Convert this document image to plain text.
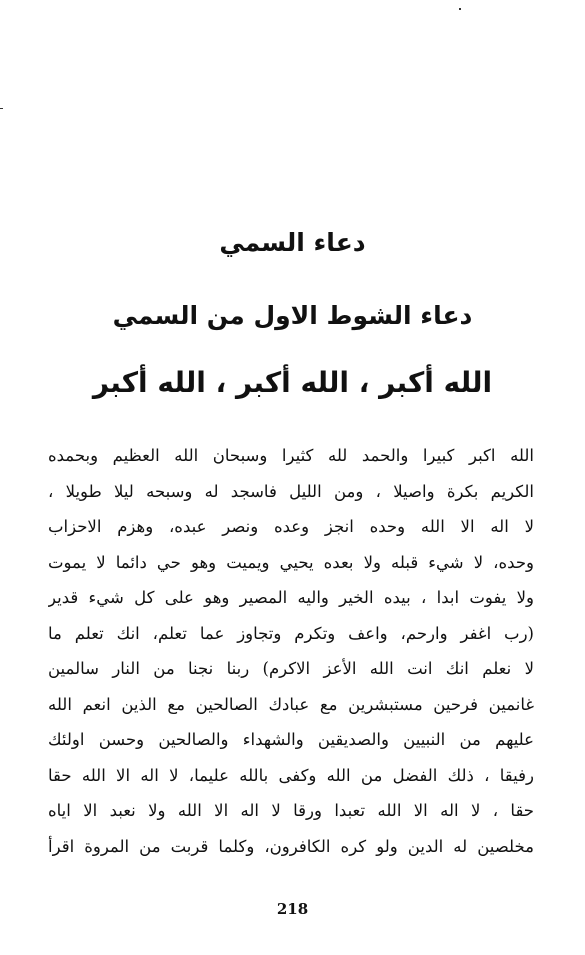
دعاء السمي
دعاء الشوط الاول من السمي
الله أكبر ، الله أكبر ، الله أكبر
الله اكبر كبيرا والحمد لله كثيرا وسبحان الله العظيم وبحمده
الكريم بكرة واصيلا ، ومن الليل فاسجد له وسبحه ليلا طويلا ،
لا اله الا الله وحده انجز وعده ونصر عبده، وهزم الاحزاب
وحده، لا شيء قبله ولا بعده يحيي ويميت وهو حي دائما لا يموت
ولا يفوت ابدا ، بيده الخير واليه المصير وهو على كل شيء قدير
(رب اغفر وارحم، واعف وتكرم وتجاوز عما تعلم، انك تعلم ما
لا نعلم انك انت الله الأعز الاكرم) ربنا نجنا من النار سالمين
غانمين فرحين مستبشرين مع عبادك الصالحين مع الذين انعم الله
عليهم من النبيين والصديقين والشهداء والصالحين وحسن اولئك
رفيقا ، ذلك الفضل من الله وكفى بالله عليما، لا اله الا الله حقا
حقا ، لا اله الا الله تعبدا ورقا لا اله الا الله ولا نعبد الا اياه
مخلصين له الدين ولو كره الكافرون، وكلما قربت من المروة اقرأ
218
